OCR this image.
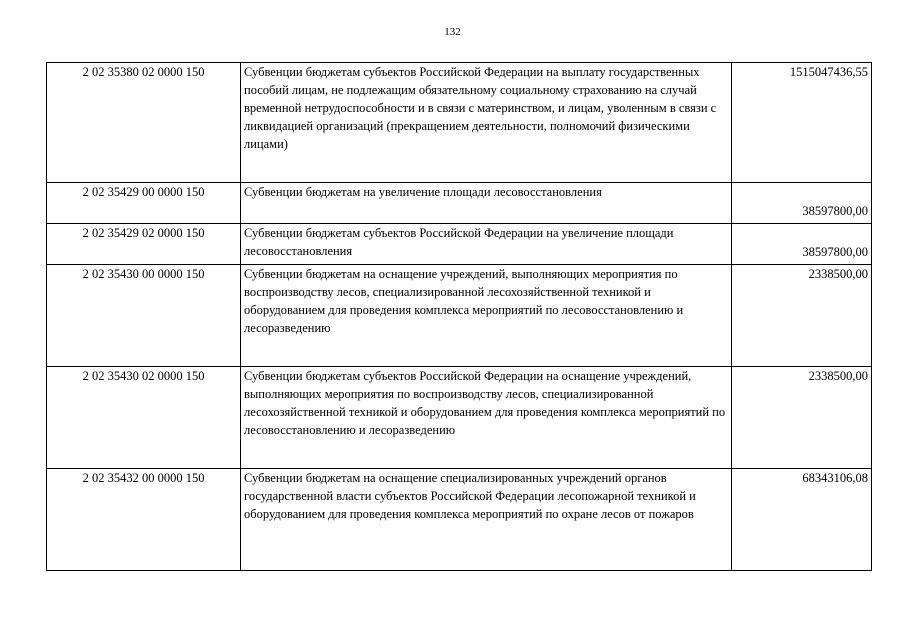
132
2 02 35380 02 0000 150	Субвенции бюджетам субъектов Российской Федерации на выплату государственных пособий лицам, не подлежащим обязательному социальному страхованию на случай временной нетрудоспособности и в связи с материнством, и лицам, уволенным в связи с ликвидацией организаций (прекращением деятельности, полномочий физическими лицами)	1515047436,55
2 02 35429 00 0000 150	Субвенции бюджетам на увеличение площади лесовосстановления	38597800,00
2 02 35429 02 0000 150	Субвенции бюджетам субъектов Российской Федерации на увеличение площади лесовосстановления	38597800,00
2 02 35430 00 0000 150	Субвенции бюджетам на оснащение учреждений, выполняющих мероприятия по воспроизводству лесов, специализированной лесохозяйственной техникой и оборудованием для проведения комплекса мероприятий по лесовосстановлению и лесоразведению	2338500,00
2 02 35430 02 0000 150	Субвенции бюджетам субъектов Российской Федерации на оснащение учреждений, выполняющих мероприятия по воспроизводству лесов, специализированной лесохозяйственной техникой и оборудованием для проведения комплекса мероприятий по лесовосстановлению и лесоразведению	2338500,00
2 02 35432 00 0000 150	Субвенции бюджетам на оснащение специализированных учреждений органов государственной власти субъектов Российской Федерации лесопожарной техникой и оборудованием для проведения комплекса мероприятий по охране лесов от пожаров	68343106,08
